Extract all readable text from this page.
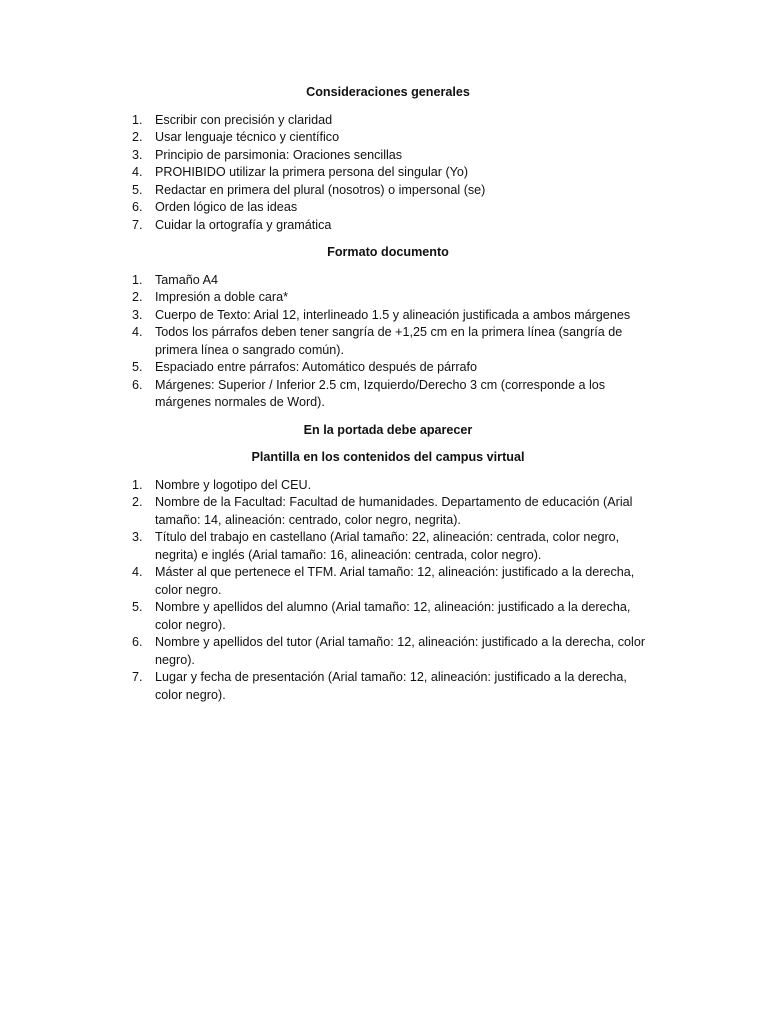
Consideraciones generales

1. Escribir con precisión y claridad
2. Usar lenguaje técnico y científico
3. Principio de parsimonia: Oraciones sencillas
4. PROHIBIDO utilizar la primera persona del singular (Yo)
5. Redactar en primera del plural (nosotros) o impersonal (se)
6. Orden lógico de las ideas
7. Cuidar la ortografía y gramática

Formato documento

1. Tamaño A4
2. Impresión a doble cara*
3. Cuerpo de Texto: Arial 12, interlineado 1.5 y alineación justificada a ambos márgenes
4. Todos los párrafos deben tener sangría de +1,25 cm en la primera línea (sangría de primera línea o sangrado común).
5. Espaciado entre párrafos: Automático después de párrafo
6. Márgenes: Superior / Inferior 2.5 cm, Izquierdo/Derecho 3 cm (corresponde a los márgenes normales de Word).

En la portada debe aparecer

Plantilla en los contenidos del campus virtual

1. Nombre y logotipo del CEU.
2. Nombre de la Facultad: Facultad de humanidades. Departamento de educación (Arial tamaño: 14, alineación: centrado, color negro, negrita).
3. Título del trabajo en castellano (Arial tamaño: 22, alineación: centrada, color negro, negrita) e inglés (Arial tamaño: 16, alineación: centrada, color negro).
4. Máster al que pertenece el TFM. Arial tamaño: 12, alineación: justificado a la derecha, color negro.
5. Nombre y apellidos del alumno (Arial tamaño: 12, alineación: justificado a la derecha, color negro).
6. Nombre y apellidos del tutor (Arial tamaño: 12, alineación: justificado a la derecha, color negro).
7. Lugar y fecha de presentación (Arial tamaño: 12, alineación: justificado a la derecha, color negro).
